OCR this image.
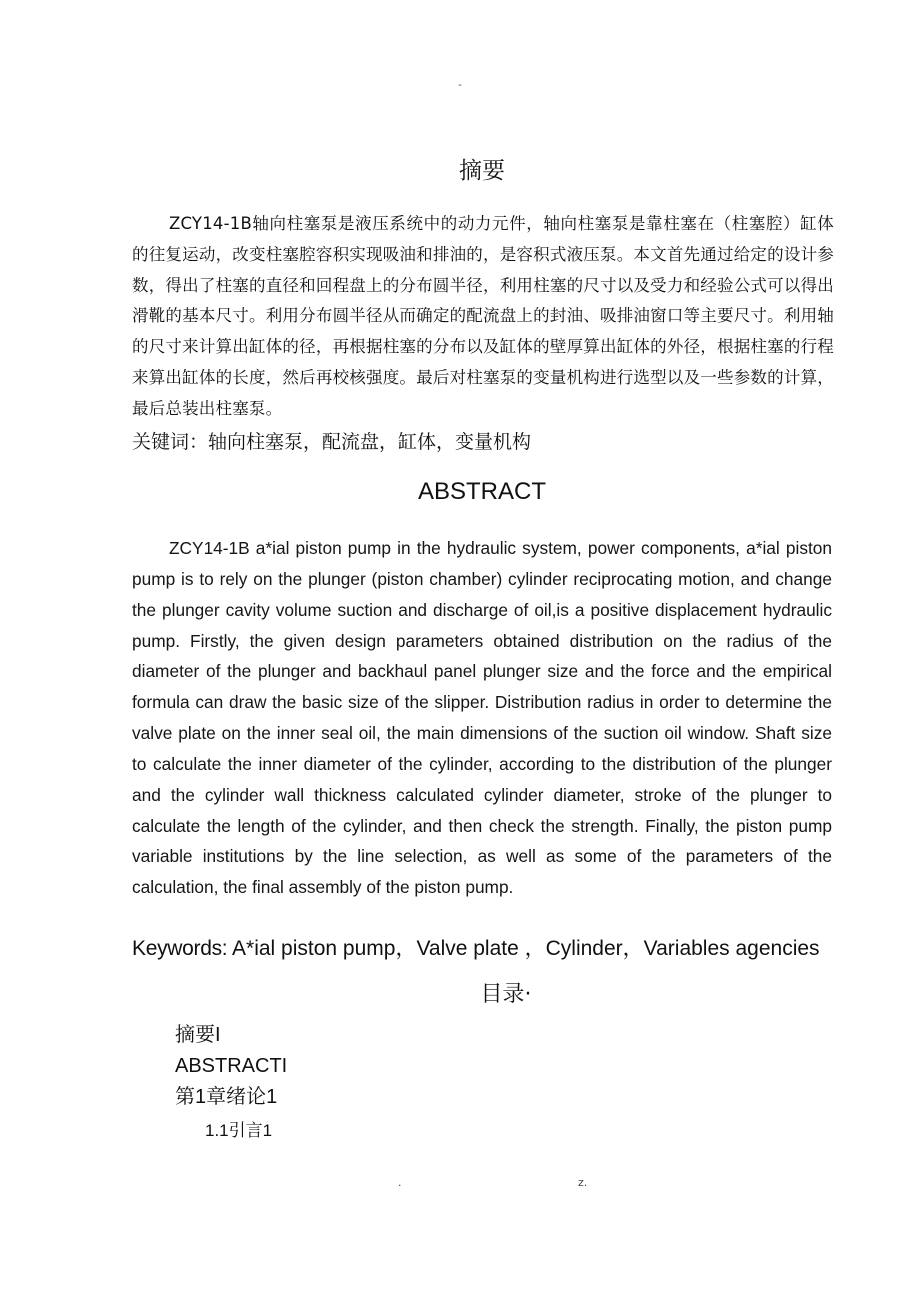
-
摘要
ZCY14-1B轴向柱塞泵是液压系统中的动力元件，轴向柱塞泵是靠柱塞在（柱塞腔）缸体的往复运动，改变柱塞腔容积实现吸油和排油的，是容积式液压泵。本文首先通过给定的设计参数，得出了柱塞的直径和回程盘上的分布圆半径，利用柱塞的尺寸以及受力和经验公式可以得出滑靴的基本尺寸。利用分布圆半径从而确定的配流盘上的封油、吸排油窗口等主要尺寸。利用轴的尺寸来计算出缸体的径，再根据柱塞的分布以及缸体的壁厚算出缸体的外径，根据柱塞的行程来算出缸体的长度，然后再校核强度。最后对柱塞泵的变量机构进行选型以及一些参数的计算，最后总装出柱塞泵。
关键词：轴向柱塞泵，配流盘，缸体，变量机构
ABSTRACT
ZCY14-1B a*ial piston pump in the hydraulic system, power components, a*ial piston pump is to rely on the plunger (piston chamber) cylinder reciprocating motion, and change the plunger cavity volume suction and discharge of oil,is a positive displacement hydraulic pump. Firstly, the given design parameters obtained distribution on the radius of the diameter of the plunger and backhaul panel plunger size and the force and the empirical formula can draw the basic size of the slipper. Distribution radius in order to determine the valve plate on the inner seal oil, the main dimensions of the suction oil window. Shaft size to calculate the inner diameter of the cylinder, according to the distribution of the plunger and the cylinder wall thickness calculated cylinder diameter, stroke of the plunger to calculate the length of the cylinder, and then check the strength. Finally, the piston pump variable institutions by the line selection, as well as some of the parameters of the calculation, the final assembly of the piston pump.
Keywords: A*ial piston pump，Valve plate ，Cylinder，Variables agencies
目录·
摘要I
ABSTRACTI
第1章绪论1
1.1引言1
.	z.
